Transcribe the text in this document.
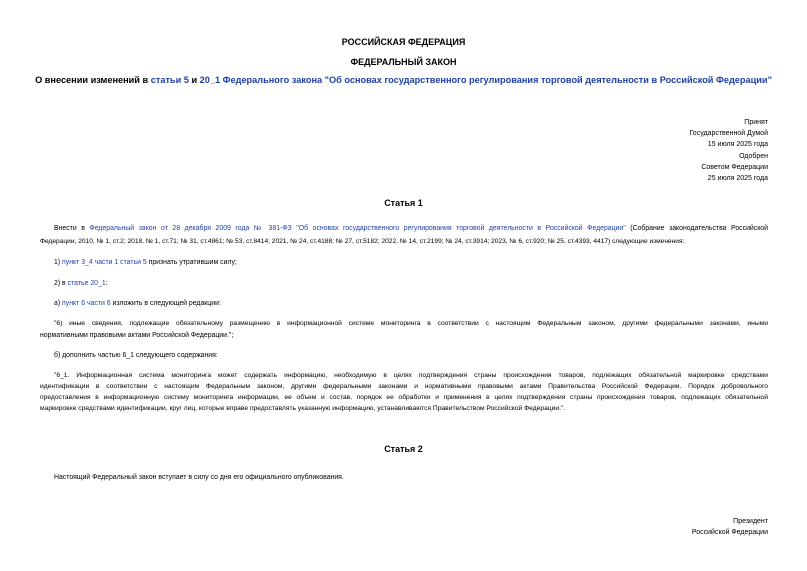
РОССИЙСКАЯ ФЕДЕРАЦИЯ
ФЕДЕРАЛЬНЫЙ ЗАКОН
О внесении изменений в статьи 5 и 20_1 Федерального закона "Об основах государственного регулирования торговой деятельности в Российской Федерации"
Принят
Государственной Думой
15 июля 2025 года
Одобрен
Советом Федерации
25 июля 2025 года
Статья 1
Внести в Федеральный закон от 28 декабря 2009 года № 381-ФЗ "Об основах государственного регулирования торговой деятельности в Российской Федерации" (Собрание законодательства Российской
Федерации, 2010, № 1, ст.2; 2018, № 1, ст.71; № 31, ст.4861; № 53, ст.8414; 2021, № 24, ст.4188; № 27, ст.5182; 2022, № 14, ст.2199; № 24, ст.3914; 2023, № 6, ст.920; № 25, ст.4393, 4417) следующие изменения:
1) пункт 3_4 части 1 статьи 5 признать утратившим силу;
2) в статье 20_1:
а) пункт 6 части 6 изложить в следующей редакции:
"6) иные сведения, подлежащие обязательному размещению в информационной системе мониторинга в соответствии с настоящим Федеральным законом, другими федеральными законами, иными
нормативными правовыми актами Российской Федерации.";
б) дополнить частью 6_1 следующего содержания:
"6_1. Информационная система мониторинга может содержать информацию, необходимую в целях подтверждения страны происхождения товаров, подлежащих обязательной маркировке средствами
идентификации в соответствии с настоящим Федеральным законом, другими федеральными законами и нормативными правовыми актами Правительства Российской Федерации. Порядок добровольного
предоставления в информационную систему мониторинга информации, ее объем и состав, порядок ее обработки и применения в целях подтверждения страны происхождения товаров, подлежащих обязательной
маркировке средствами идентификации, круг лиц, которые вправе предоставлять указанную информацию, устанавливаются Правительством Российской Федерации.".
Статья 2
Настоящий Федеральный закон вступает в силу со дня его официального опубликования.
Президент
Российской Федерации
